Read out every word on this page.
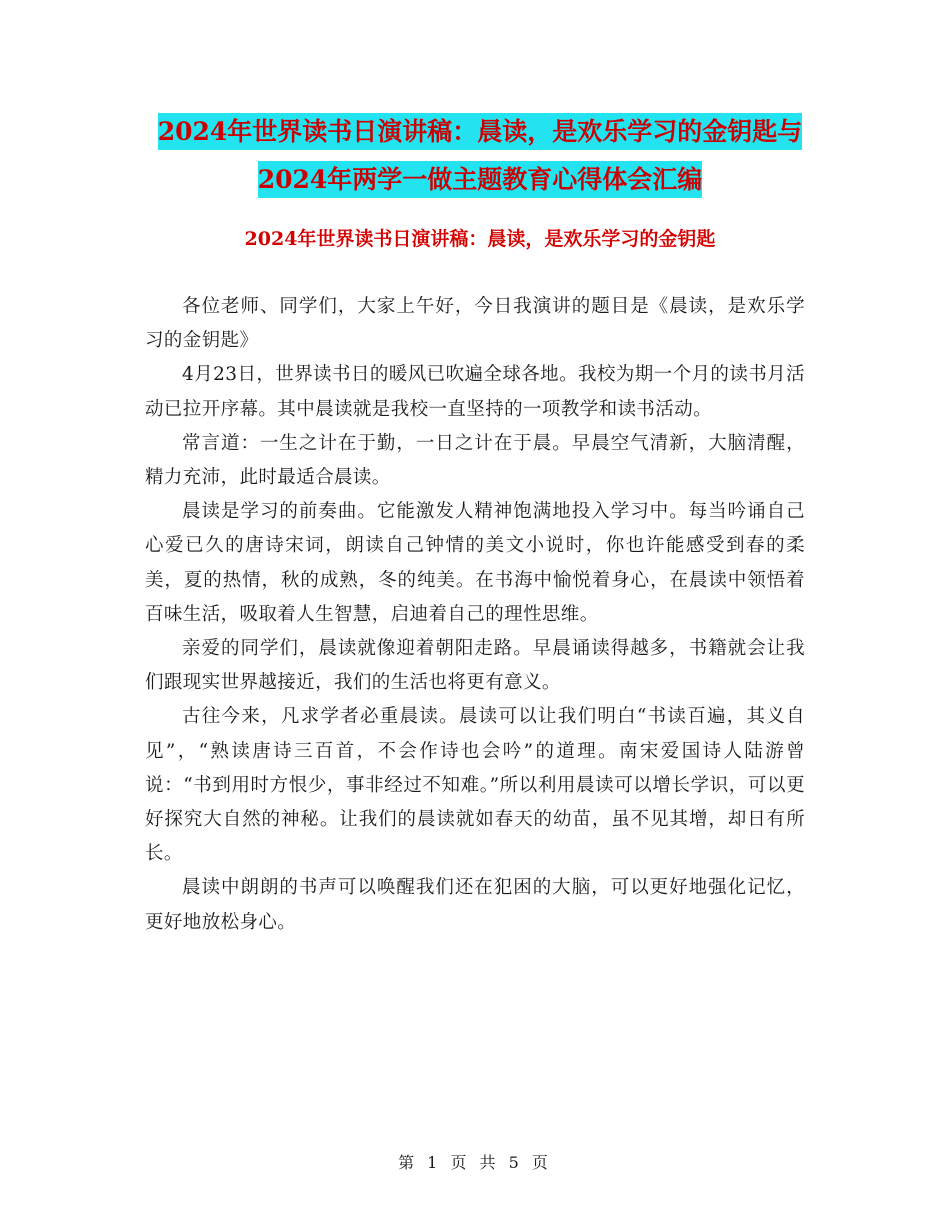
2024年世界读书日演讲稿：晨读，是欢乐学习的金钥匙与2024年两学一做主题教育心得体会汇编
2024年世界读书日演讲稿：晨读，是欢乐学习的金钥匙

各位老师、同学们，大家上午好，今日我演讲的题目是《晨读，是欢乐学习的金钥匙》

4月23日，世界读书日的暖风已吹遍全球各地。我校为期一个月的读书月活动已拉开序幕。其中晨读就是我校一直坚持的一项教学和读书活动。

常言道：一生之计在于勤，一日之计在于晨。早晨空气清新，大脑清醒，精力充沛，此时最适合晨读。

晨读是学习的前奏曲。它能激发人精神饱满地投入学习中。每当吟诵自己心爱已久的唐诗宋词，朗读自己钟情的美文小说时，你也许能感受到春的柔美，夏的热情，秋的成熟，冬的纯美。在书海中愉悦着身心，在晨读中领悟着百味生活，吸取着人生智慧，启迪着自己的理性思维。

亲爱的同学们，晨读就像迎着朝阳走路。早晨诵读得越多，书籍就会让我们跟现实世界越接近，我们的生活也将更有意义。

古往今来，凡求学者必重晨读。晨读可以让我们明白“书读百遍，其义自见”，“熟读唐诗三百首，不会作诗也会吟”的道理。南宋爱国诗人陆游曾说：“书到用时方恨少，事非经过不知难。”所以利用晨读可以增长学识，可以更好探究大自然的神秘。让我们的晨读就如春天的幼苗，虽不见其增，却日有所长。

晨读中朗朗的书声可以唤醒我们还在犯困的大脑，可以更好地强化记忆，更好地放松身心。

第 1 页 共 5 页
